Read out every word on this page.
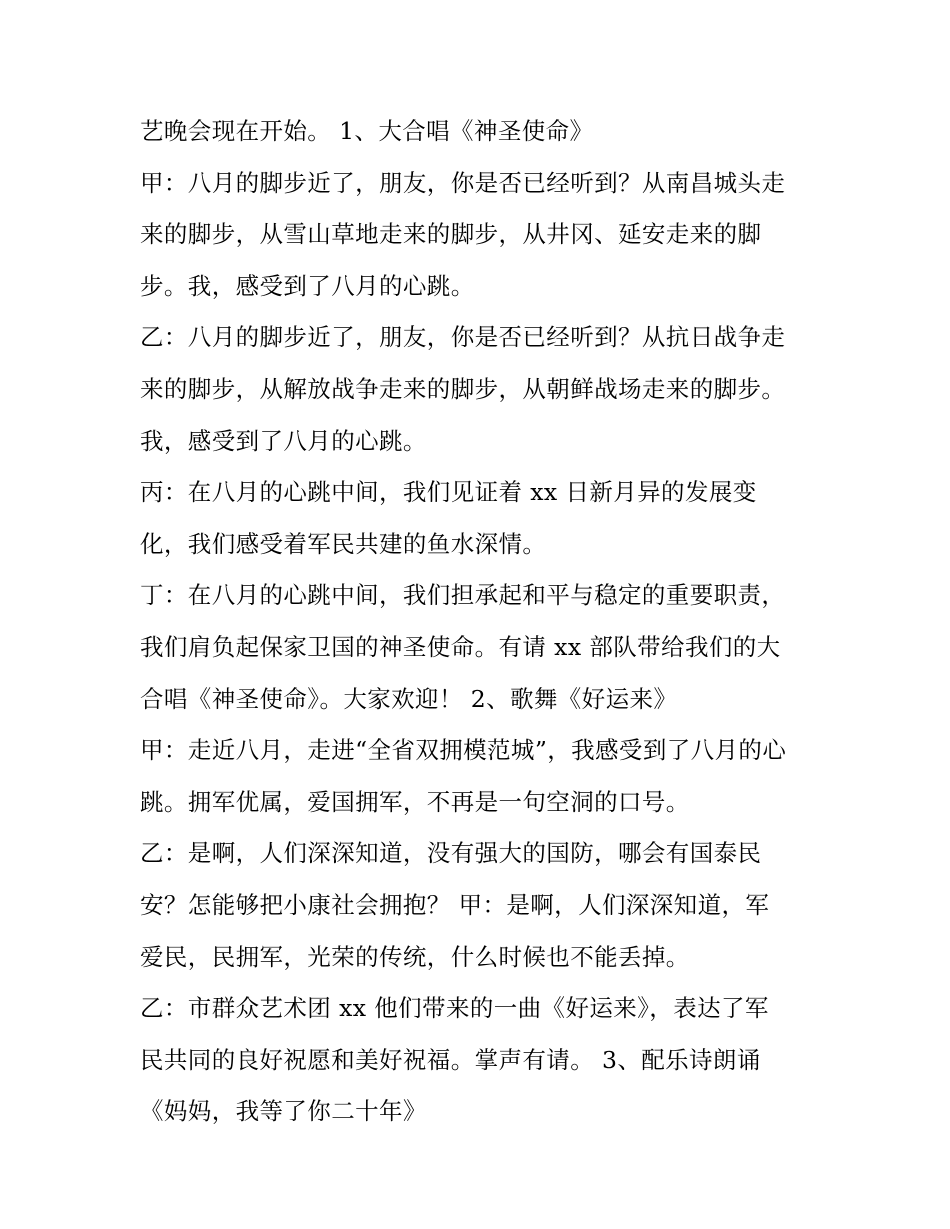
艺晚会现在开始。 1、大合唱《神圣使命》
甲：八月的脚步近了，朋友，你是否已经听到？从南昌城头走
来的脚步，从雪山草地走来的脚步，从井冈、延安走来的脚
步。我，感受到了八月的心跳。
乙：八月的脚步近了，朋友，你是否已经听到？从抗日战争走
来的脚步，从解放战争走来的脚步，从朝鲜战场走来的脚步。
我，感受到了八月的心跳。
丙：在八月的心跳中间，我们见证着 xx 日新月异的发展变
化，我们感受着军民共建的鱼水深情。
丁：在八月的心跳中间，我们担承起和平与稳定的重要职责，
我们肩负起保家卫国的神圣使命。有请 xx 部队带给我们的大
合唱《神圣使命》。大家欢迎！ 2、歌舞《好运来》
甲：走近八月，走进“全省双拥模范城”，我感受到了八月的心
跳。拥军优属，爱国拥军，不再是一句空洞的口号。
乙：是啊，人们深深知道，没有强大的国防，哪会有国泰民
安？怎能够把小康社会拥抱？ 甲：是啊，人们深深知道，军
爱民，民拥军，光荣的传统，什么时候也不能丢掉。
乙：市群众艺术团 xx 他们带来的一曲《好运来》，表达了军
民共同的良好祝愿和美好祝福。掌声有请。 3、配乐诗朗诵
《妈妈，我等了你二十年》
